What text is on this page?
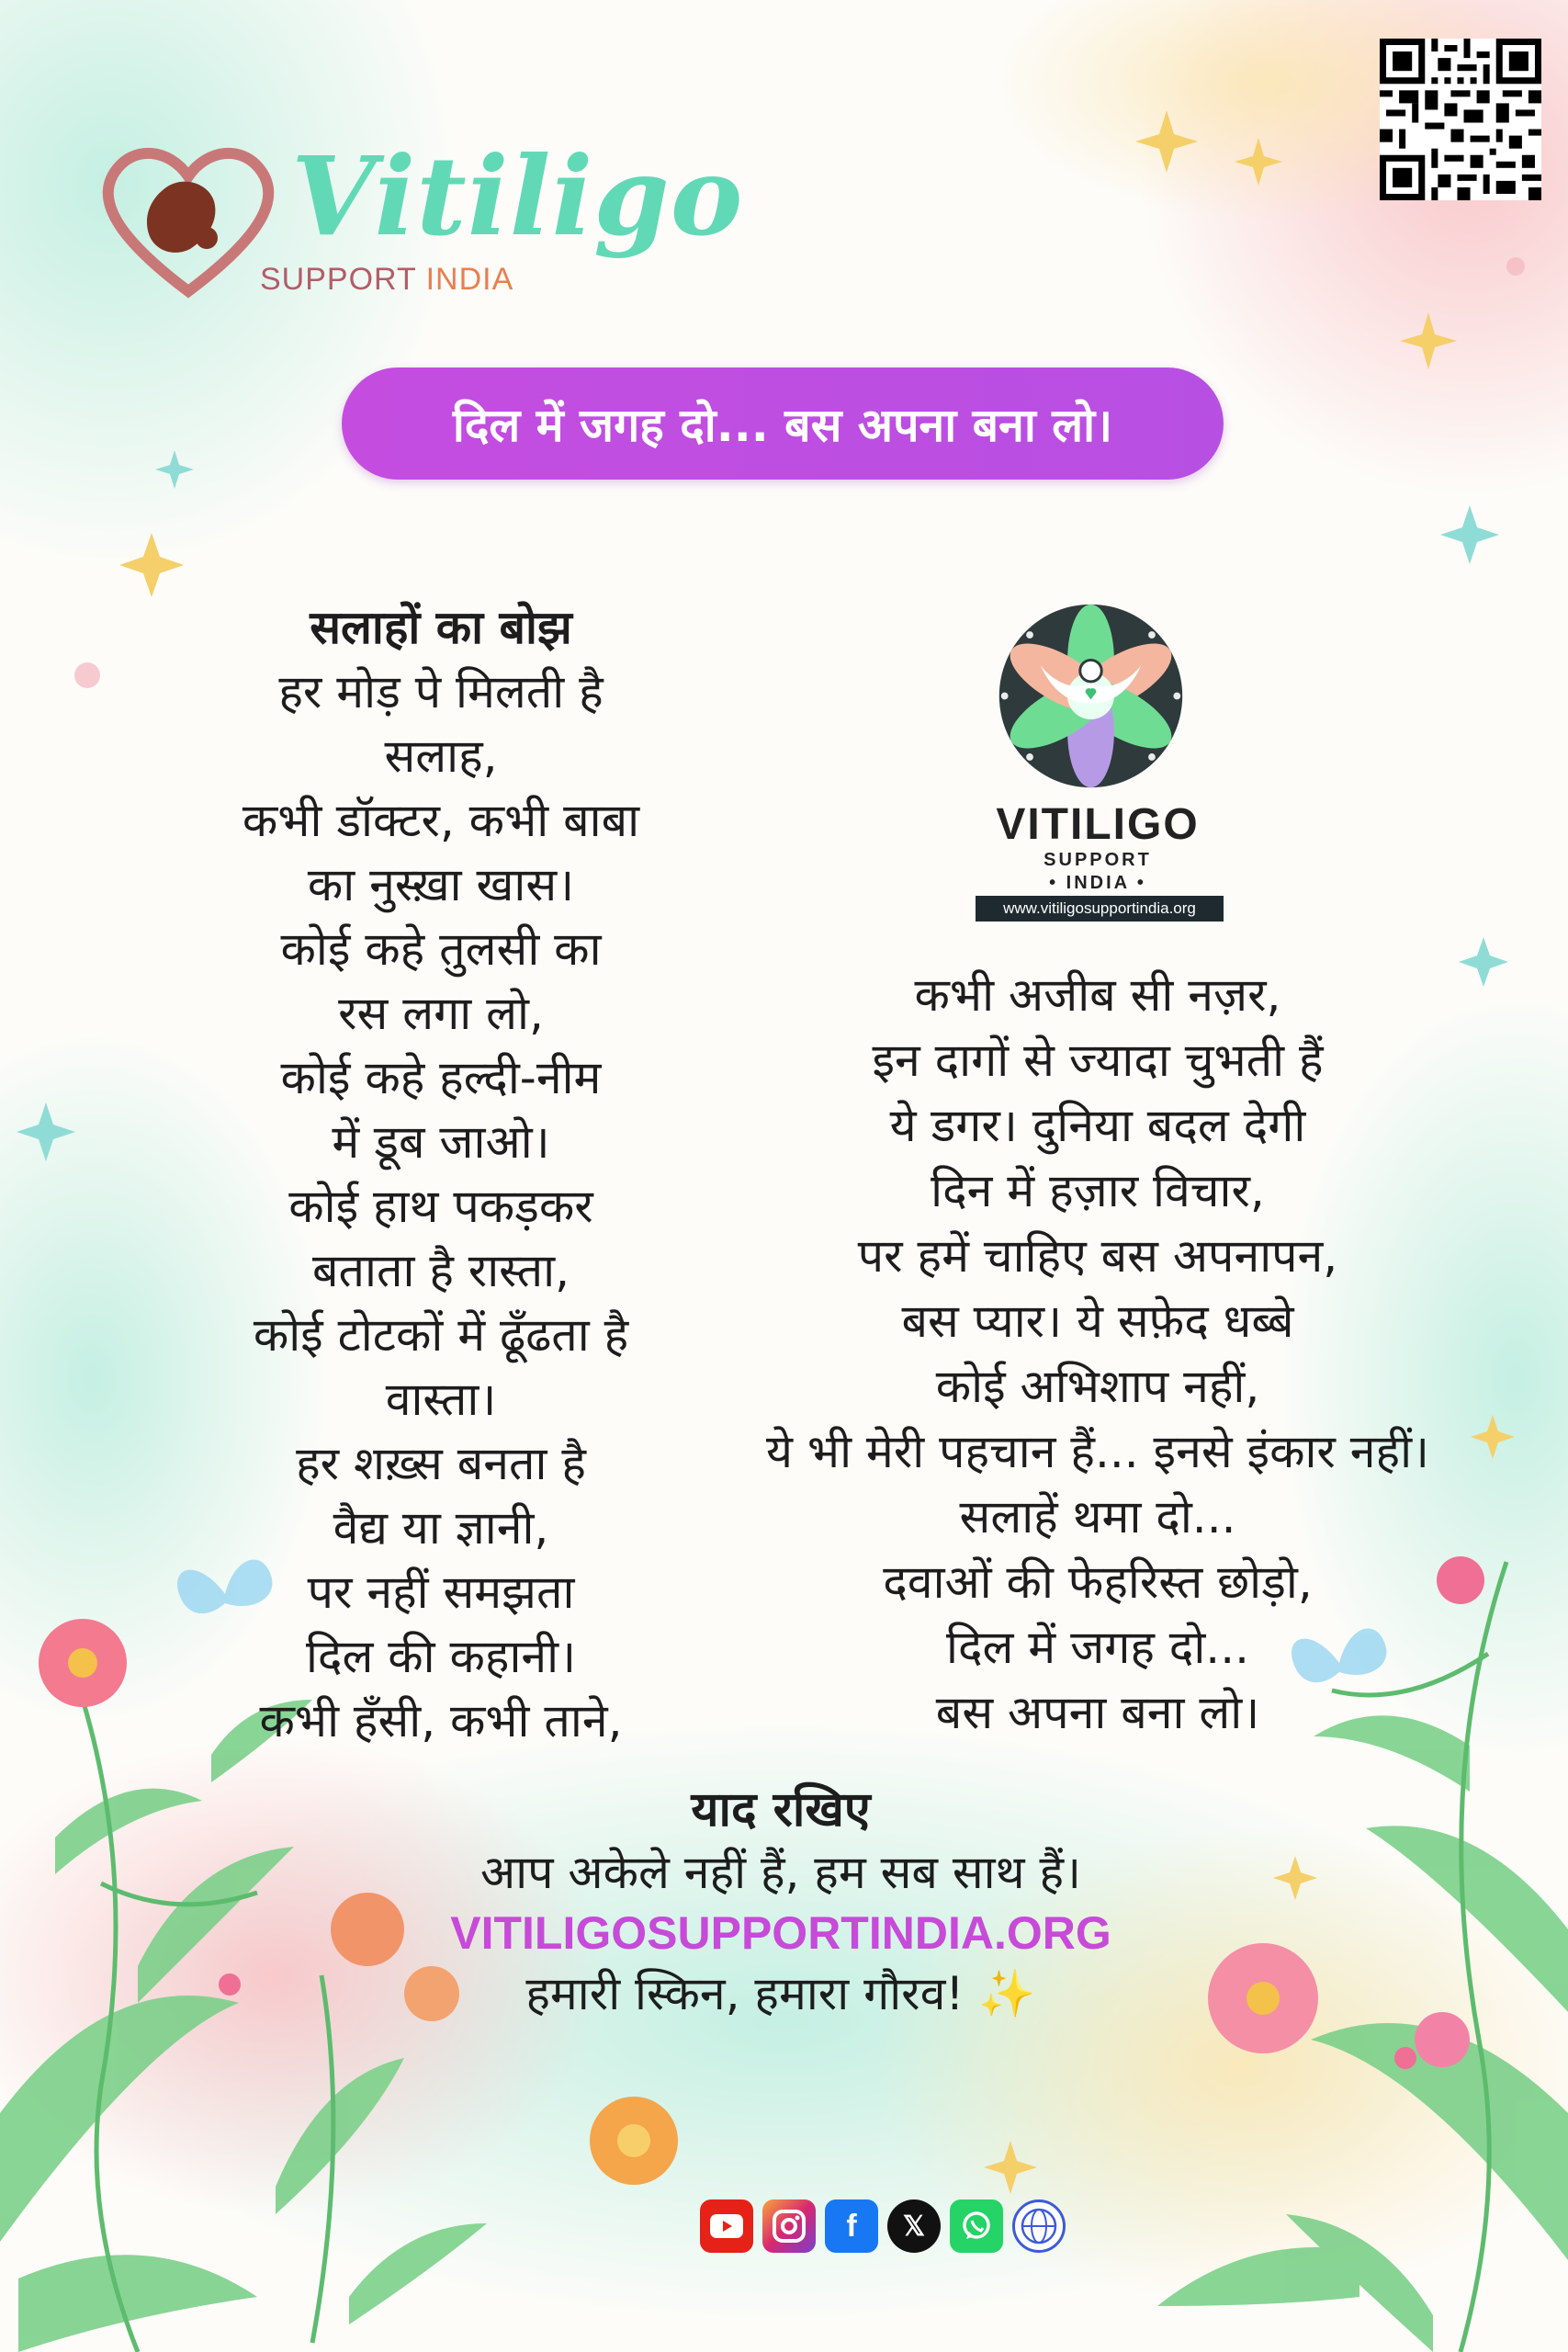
Vitiligo
SUPPORT INDIA
दिल में जगह दो... बस अपना बना लो।
सलाहों का बोझ
हर मोड़ पे मिलती है
सलाह,
कभी डॉक्टर, कभी बाबा
का नुस्ख़ा खास।
कोई कहे तुलसी का
रस लगा लो,
कोई कहे हल्दी-नीम
में डूब जाओ।
कोई हाथ पकड़कर
बताता है रास्ता,
कोई टोटकों में ढूँढता है
वास्ता।
हर शख़्स बनता है
वैद्य या ज्ञानी,
पर नहीं समझता
दिल की कहानी।
कभी हँसी, कभी ताने,
VITILIGO
SUPPORT
• INDIA •
www.vitiligosupportindia.org
कभी अजीब सी नज़र,
इन दागों से ज्यादा चुभती हैं
ये डगर। दुनिया बदल देगी
दिन में हज़ार विचार,
पर हमें चाहिए बस अपनापन,
बस प्यार। ये सफ़ेद धब्बे
कोई अभिशाप नहीं,
ये भी मेरी पहचान हैं... इनसे इंकार नहीं।
सलाहें थमा दो...
दवाओं की फेहरिस्त छोड़ो,
दिल में जगह दो...
बस अपना बना लो।
याद रखिए
आप अकेले नहीं हैं, हम सब साथ हैं।
VITILIGOSUPPORTINDIA.ORG
हमारी स्किन, हमारा गौरव! ✨
f	𝕏
